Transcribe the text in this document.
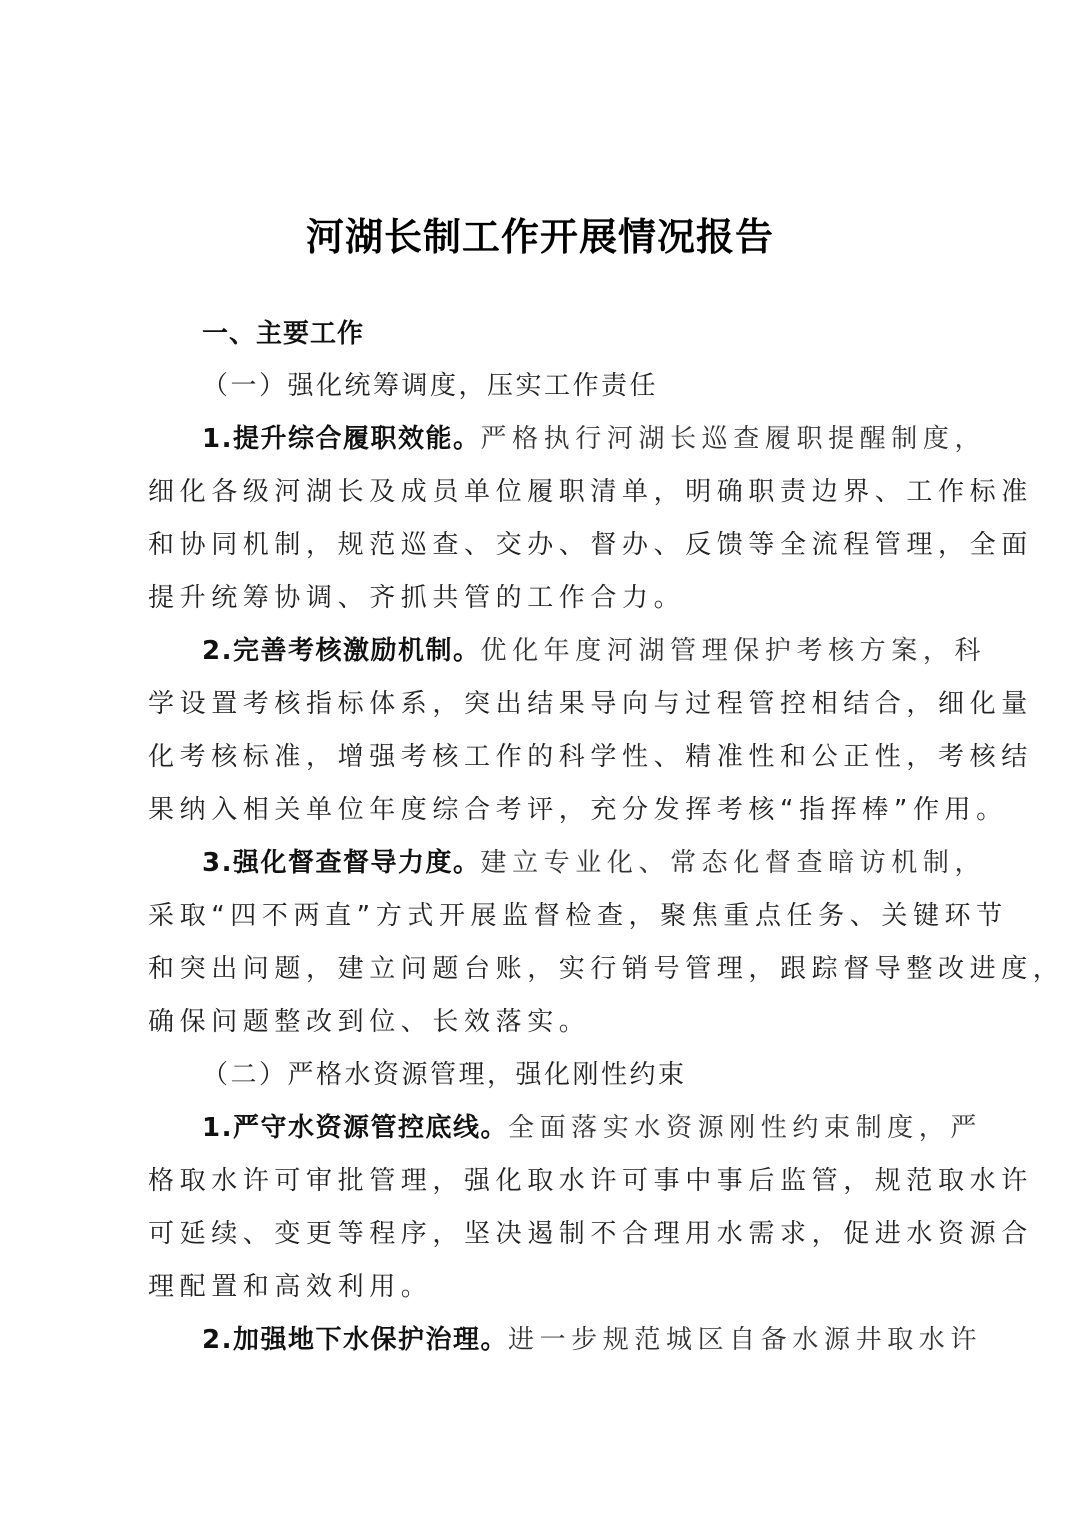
河湖长制工作开展情况报告
一、主要工作
（一）强化统筹调度，压实工作责任
1.提升综合履职效能。严格执行河湖长巡查履职提醒制度，
细化各级河湖长及成员单位履职清单，明确职责边界、工作标准
和协同机制，规范巡查、交办、督办、反馈等全流程管理，全面
提升统筹协调、齐抓共管的工作合力。
2.完善考核激励机制。优化年度河湖管理保护考核方案，科
学设置考核指标体系，突出结果导向与过程管控相结合，细化量
化考核标准，增强考核工作的科学性、精准性和公正性，考核结
果纳入相关单位年度综合考评，充分发挥考核“指挥棒”作用。
3.强化督查督导力度。建立专业化、常态化督查暗访机制，
采取“四不两直”方式开展监督检查，聚焦重点任务、关键环节
和突出问题，建立问题台账，实行销号管理，跟踪督导整改进度，
确保问题整改到位、长效落实。
（二）严格水资源管理，强化刚性约束
1.严守水资源管控底线。全面落实水资源刚性约束制度，严
格取水许可审批管理，强化取水许可事中事后监管，规范取水许
可延续、变更等程序，坚决遏制不合理用水需求，促进水资源合
理配置和高效利用。
2.加强地下水保护治理。进一步规范城区自备水源井取水许
